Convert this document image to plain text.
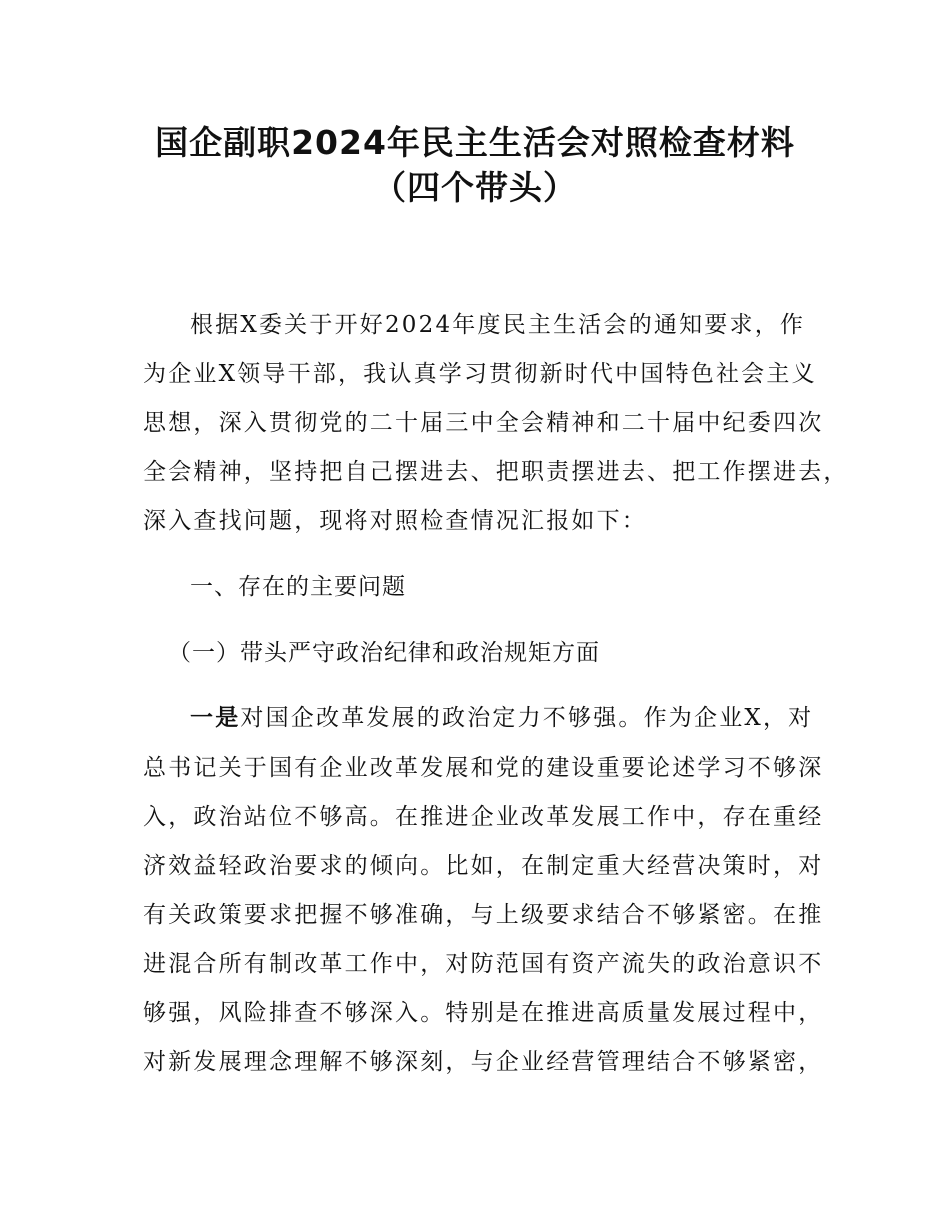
国企副职2024年民主生活会对照检查材料
（四个带头）

根据X委关于开好2024年度民主生活会的通知要求，作

为企业X领导干部，我认真学习贯彻新时代中国特色社会主义

思想，深入贯彻党的二十届三中全会精神和二十届中纪委四次

全会精神，坚持把自己摆进去、把职责摆进去、把工作摆进去，

深入查找问题，现将对照检查情况汇报如下：

一、存在的主要问题

（一）带头严守政治纪律和政治规矩方面

一是对国企改革发展的政治定力不够强。作为企业X，对

总书记关于国有企业改革发展和党的建设重要论述学习不够深

入，政治站位不够高。在推进企业改革发展工作中，存在重经

济效益轻政治要求的倾向。比如，在制定重大经营决策时，对

有关政策要求把握不够准确，与上级要求结合不够紧密。在推

进混合所有制改革工作中，对防范国有资产流失的政治意识不

够强，风险排查不够深入。特别是在推进高质量发展过程中，

对新发展理念理解不够深刻，与企业经营管理结合不够紧密，
